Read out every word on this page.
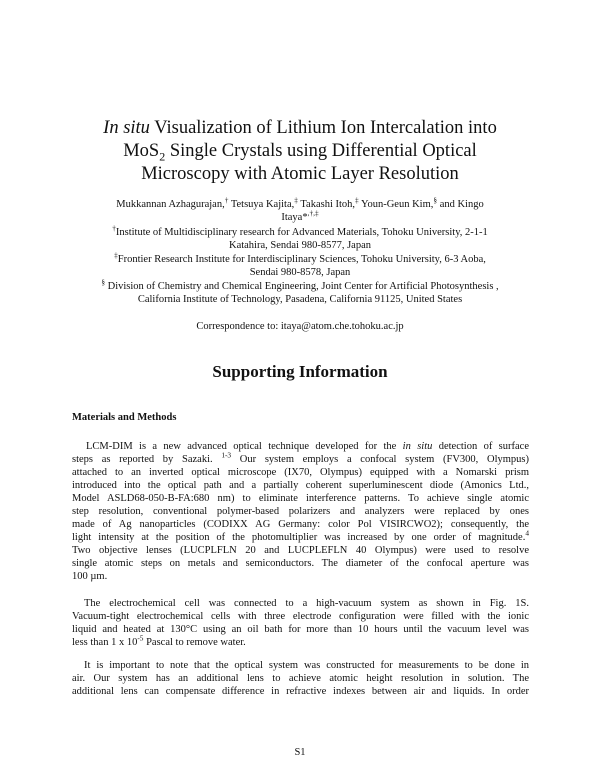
In situ Visualization of Lithium Ion Intercalation into
MoS$_2$ Single Crystals using Differential Optical
Microscopy with Atomic Layer Resolution
Mukkannan Azhagurajan,† Tetsuya Kajita,‡ Takashi Itoh,‡ Youn-Geun Kim,§ and Kingo
Itaya*,†,‡
†Institute of Multidisciplinary research for Advanced Materials, Tohoku University, 2-1-1
Katahira, Sendai 980-8577, Japan
‡Frontier Research Institute for Interdisciplinary Sciences, Tohoku University, 6-3 Aoba,
Sendai 980-8578, Japan
§ Division of Chemistry and Chemical Engineering, Joint Center for Artificial Photosynthesis ,
California Institute of Technology, Pasadena, California 91125, United States
Correspondence to: itaya@atom.che.tohoku.ac.jp
Supporting Information
Materials and Methods
LCM-DIM is a new advanced optical technique developed for the in situ detection of surface
steps as reported by Sazaki. $^{1-3}$ Our system employs a confocal system (FV300, Olympus)
attached to an inverted optical microscope (IX70, Olympus) equipped with a Nomarski prism
introduced into the optical path and a partially coherent superluminescent diode (Amonics Ltd.,
Model ASLD68-050-B-FA:680 nm) to eliminate interference patterns. To achieve single atomic
step resolution, conventional polymer-based polarizers and analyzers were replaced by ones
made of Ag nanoparticles (CODIXX AG Germany: color Pol VISIRCWO2); consequently, the
light intensity at the position of the photomultiplier was increased by one order of magnitude.$^4$
Two objective lenses (LUCPLFLN 20 and LUCPLEFLN 40 Olympus) were used to resolve
single atomic steps on metals and semiconductors. The diameter of the confocal aperture was
100 µm.
The electrochemical cell was connected to a high-vacuum system as shown in Fig. 1S.
Vacuum-tight electrochemical cells with three electrode configuration were filled with the ionic
liquid and heated at 130°C using an oil bath for more than 10 hours until the vacuum level was
less than 1 x $10^{-5}$ Pascal to remove water.
It is important to note that the optical system was constructed for measurements to be done in
air. Our system has an additional lens to achieve atomic height resolution in solution. The
additional lens can compensate difference in refractive indexes between air and liquids. In order
S1
